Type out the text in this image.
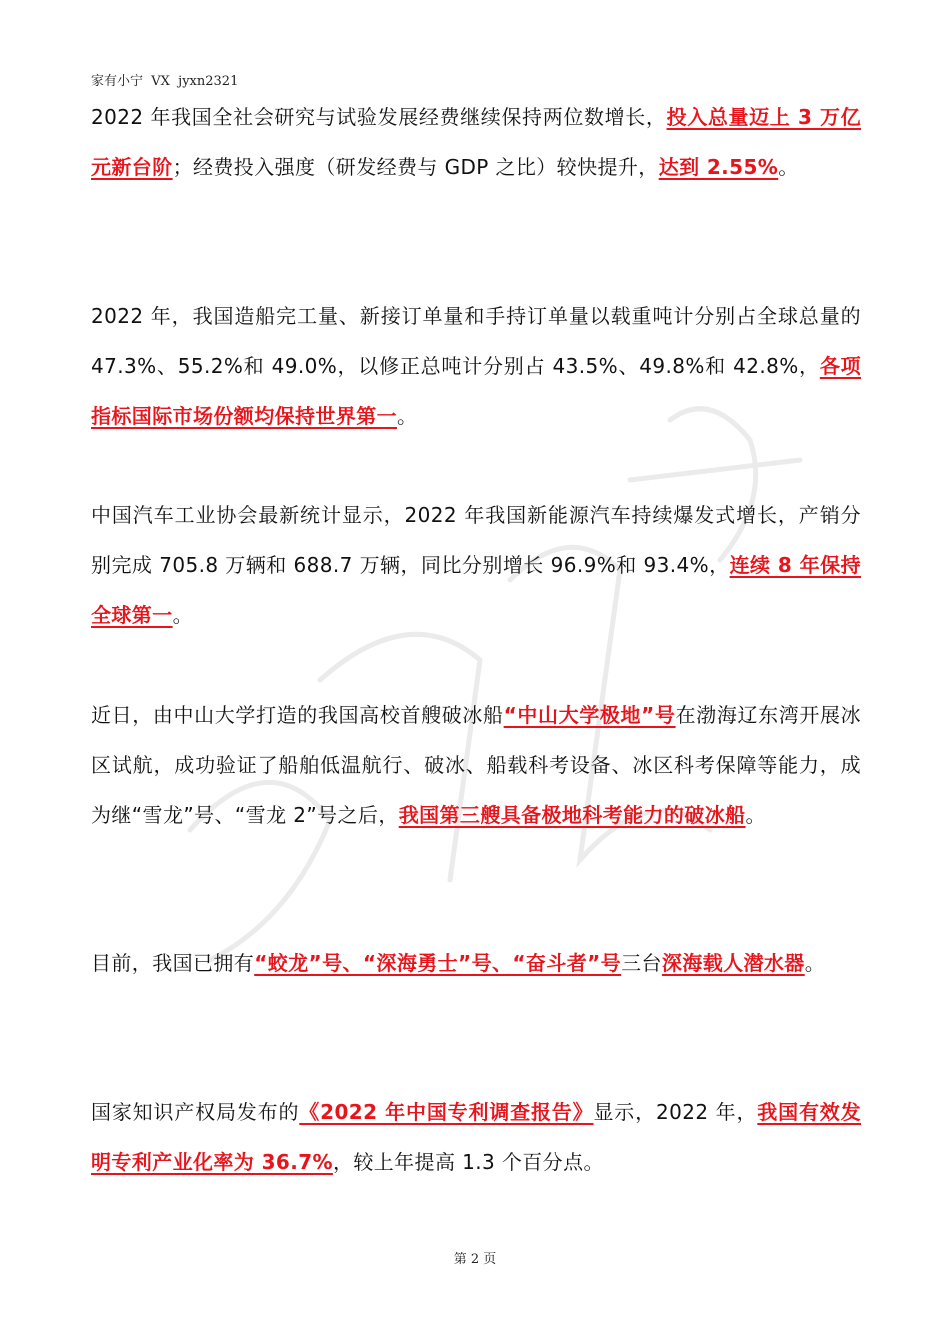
家有小宁  VX  jyxn2321
2022 年我国全社会研究与试验发展经费继续保持两位数增长，投入总量迈上 3 万亿元新台阶；经费投入强度（研发经费与 GDP 之比）较快提升，达到 2.55%。
2022 年，我国造船完工量、新接订单量和手持订单量以载重吨计分别占全球总量的 47.3%、55.2%和 49.0%，以修正总吨计分别占 43.5%、49.8%和 42.8%，各项指标国际市场份额均保持世界第一。
中国汽车工业协会最新统计显示，2022 年我国新能源汽车持续爆发式增长，产销分别完成 705.8 万辆和 688.7 万辆，同比分别增长 96.9%和 93.4%，连续 8 年保持全球第一。
近日，由中山大学打造的我国高校首艘破冰船“中山大学极地”号在渤海辽东湾开展冰区试航，成功验证了船舶低温航行、破冰、船载科考设备、冰区科考保障等能力，成为继“雪龙”号、“雪龙 2”号之后，我国第三艘具备极地科考能力的破冰船。
目前，我国已拥有“蛟龙”号、“深海勇士”号、“奋斗者”号三台深海载人潜水器。
国家知识产权局发布的《2022 年中国专利调查报告》显示，2022 年，我国有效发明专利产业化率为 36.7%，较上年提高 1.3 个百分点。
第 2 页
